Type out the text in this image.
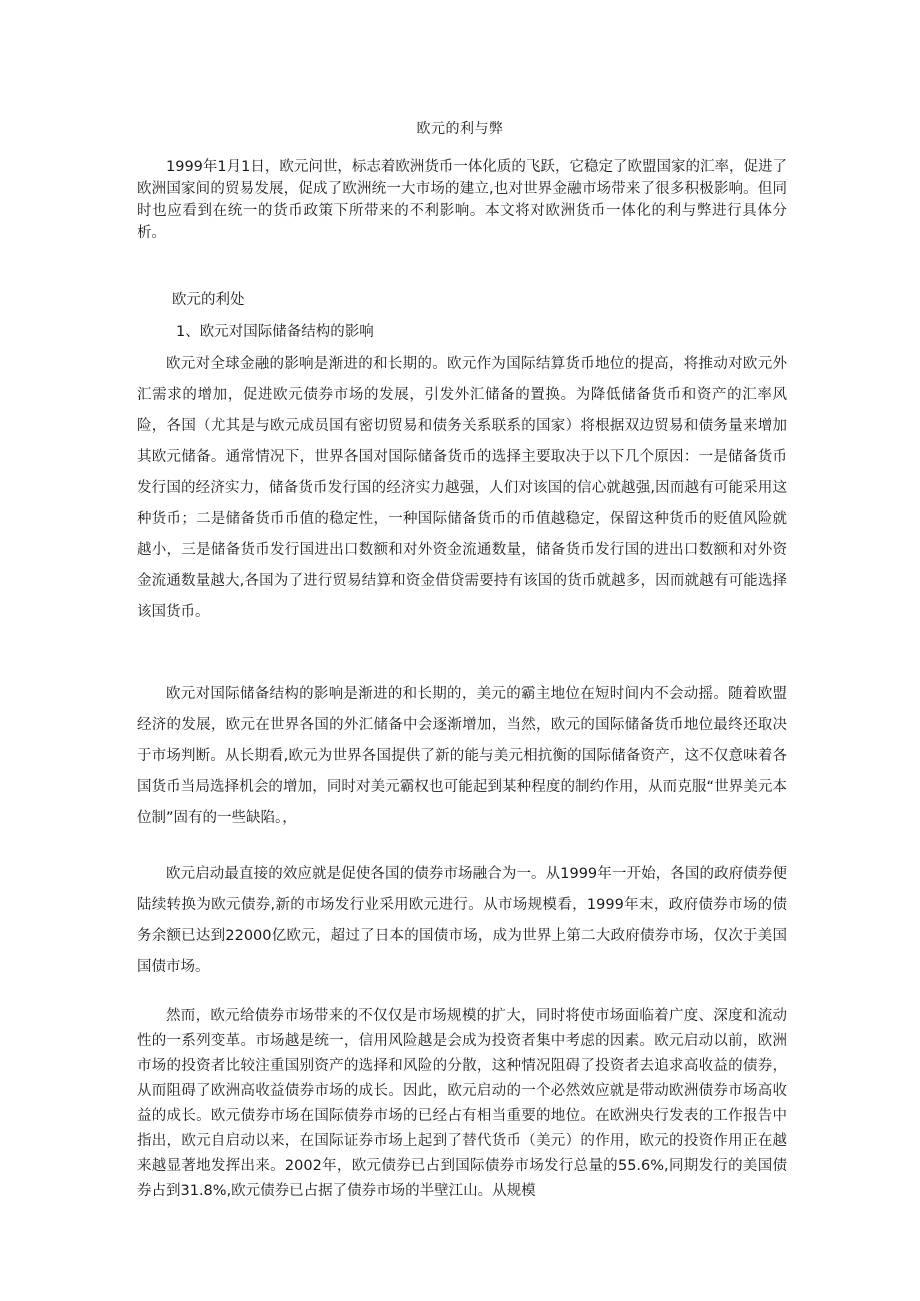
欧元的利与弊

1999年1月1日，欧元问世，标志着欧洲货币一体化质的飞跃，它稳定了欧盟国家的汇率，促进了欧洲国家间的贸易发展，促成了欧洲统一大市场的建立,也对世界金融市场带来了很多积极影响。但同时也应看到在统一的货币政策下所带来的不利影响。本文将对欧洲货币一体化的利与弊进行具体分析。

欧元的利处

1、欧元对国际储备结构的影响

欧元对全球金融的影响是渐进的和长期的。欧元作为国际结算货币地位的提高，将推动对欧元外汇需求的增加，促进欧元债券市场的发展，引发外汇储备的置换。为降低储备货币和资产的汇率风险，各国（尤其是与欧元成员国有密切贸易和债务关系联系的国家）将根据双边贸易和债务量来增加其欧元储备。通常情况下，世界各国对国际储备货币的选择主要取决于以下几个原因：一是储备货币发行国的经济实力，储备货币发行国的经济实力越强，人们对该国的信心就越强,因而越有可能采用这种货币；二是储备货币币值的稳定性，一种国际储备货币的币值越稳定，保留这种货币的贬值风险就越小，三是储备货币发行国进出口数额和对外资金流通数量，储备货币发行国的进出口数额和对外资金流通数量越大,各国为了进行贸易结算和资金借贷需要持有该国的货币就越多，因而就越有可能选择该国货币。

欧元对国际储备结构的影响是渐进的和长期的，美元的霸主地位在短时间内不会动摇。随着欧盟经济的发展，欧元在世界各国的外汇储备中会逐渐增加，当然，欧元的国际储备货币地位最终还取决于市场判断。从长期看,欧元为世界各国提供了新的能与美元相抗衡的国际储备资产，这不仅意味着各国货币当局选择机会的增加，同时对美元霸权也可能起到某种程度的制约作用，从而克服“世界美元本位制”固有的一些缺陷。，

欧元启动最直接的效应就是促使各国的债券市场融合为一。从1999年一开始，各国的政府债券便陆续转换为欧元债券,新的市场发行业采用欧元进行。从市场规模看，1999年末，政府债券市场的债务余额已达到22000亿欧元，超过了日本的国债市场，成为世界上第二大政府债券市场，仅次于美国国债市场。

然而，欧元给债券市场带来的不仅仅是市场规模的扩大，同时将使市场面临着广度、深度和流动性的一系列变革。市场越是统一，信用风险越是会成为投资者集中考虑的因素。欧元启动以前，欧洲市场的投资者比较注重国别资产的选择和风险的分散，这种情况阻碍了投资者去追求高收益的债券，从而阻碍了欧洲高收益债券市场的成长。因此，欧元启动的一个必然效应就是带动欧洲债券市场高收益的成长。欧元债券市场在国际债券市场的已经占有相当重要的地位。在欧洲央行发表的工作报告中指出，欧元自启动以来，在国际证券市场上起到了替代货币（美元）的作用，欧元的投资作用正在越来越显著地发挥出来。2002年，欧元债券已占到国际债券市场发行总量的55.6%,同期发行的美国债券占到31.8%,欧元债券已占据了债券市场的半壁江山。从规模
